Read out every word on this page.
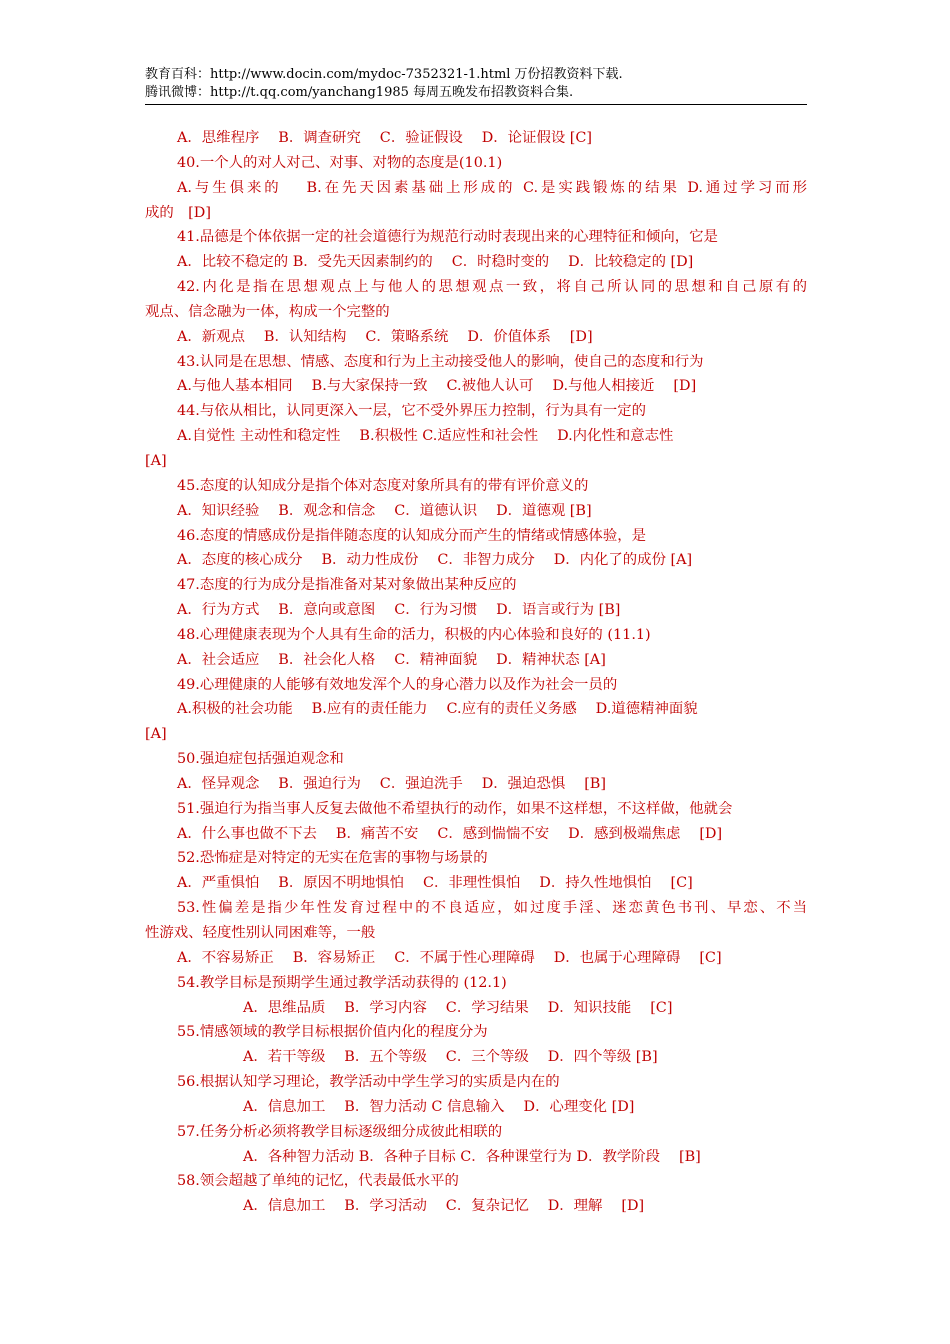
教育百科：http://www.docin.com/mydoc-7352321-1.html 万份招教资料下载.
腾讯微博：http://t.qq.com/yanchang1985 每周五晚发布招教资料合集.
A．思维程序　 B．调查研究　 C．验证假设　 D．论证假设 [C]
40.一个人的对人对己、对事、对物的态度是(10.1)
A.与生俱来的　 B.在先天因素基础上形成的 C.是实践锻炼的结果 D.通过学习而形
成的　[D]
41.品德是个体依据一定的社会道德行为规范行动时表现出来的心理特征和倾向，它是
A．比较不稳定的 B．受先天因素制约的　 C．时稳时变的　 D．比较稳定的 [D]
42.内化是指在思想观点上与他人的思想观点一致，将自己所认同的思想和自己原有的
观点、信念融为一体，构成一个完整的
A．新观点　 B．认知结构　 C．策略系统　 D．价值体系　 [D]
43.认同是在思想、情感、态度和行为上主动接受他人的影响，使自己的态度和行为
A.与他人基本相同　 B.与大家保持一致　 C.被他人认可　 D.与他人相接近　 [D]
44.与依从相比，认同更深入一层，它不受外界压力控制，行为具有一定的
A.自觉性 主动性和稳定性　 B.积极性 C.适应性和社会性　 D.内化性和意志性
[A]
45.态度的认知成分是指个体对态度对象所具有的带有评价意义的
A．知识经验　 B．观念和信念　 C．道德认识　 D．道德观 [B]
46.态度的情感成份是指伴随态度的认知成分而产生的情绪或情感体验，是
A．态度的核心成分　 B．动力性成份　 C．非智力成分　 D．内化了的成份 [A]
47.态度的行为成分是指准备对某对象做出某种反应的
A．行为方式　 B．意向或意图　 C．行为习惯　 D．语言或行为 [B]
48.心理健康表现为个人具有生命的活力，积极的内心体验和良好的 (11.1)
A．社会适应　 B．社会化人格　 C．精神面貌　 D．精神状态 [A]
49.心理健康的人能够有效地发浑个人的身心潜力以及作为社会一员的
A.积极的社会功能　 B.应有的责任能力　 C.应有的责任义务感　 D.道德精神面貌
[A]
50.强迫症包括强迫观念和
A．怪异观念　 B．强迫行为　 C．强迫洗手　 D．强迫恐惧　 [B]
51.强迫行为指当事人反复去做他不希望执行的动作，如果不这样想，不这样做，他就会
A．什么事也做不下去　 B．痛苦不安　 C．感到惴惴不安　 D．感到极端焦虑　 [D]
52.恐怖症是对特定的无实在危害的事物与场景的
A．严重惧怕　 B．原因不明地惧怕　 C．非理性惧怕　 D．持久性地惧怕　 [C]
53.性偏差是指少年性发育过程中的不良适应，如过度手淫、迷恋黄色书刊、早恋、不当
性游戏、轻度性别认同困难等，一般
A．不容易矫正　 B．容易矫正　 C．不属于性心理障碍　 D．也属于心理障碍　 [C]
54.教学目标是预期学生通过教学活动获得的 (12.1)
A．思维品质　 B．学习内容　 C．学习结果　 D．知识技能　 [C]
55.情感领域的教学目标根据价值内化的程度分为
A．若干等级　 B．五个等级　 C．三个等级　 D．四个等级 [B]
56.根据认知学习理论，教学活动中学生学习的实质是内在的
A．信息加工　 B．智力活动 C 信息输入　 D．心理变化 [D]
57.任务分析必须将教学目标逐级细分成彼此相联的
A．各种智力活动 B．各种子目标 C．各种课堂行为 D．教学阶段　 [B]
58.领会超越了单纯的记忆，代表最低水平的
A．信息加工　 B．学习活动　 C．复杂记忆　 D．理解　 [D]
